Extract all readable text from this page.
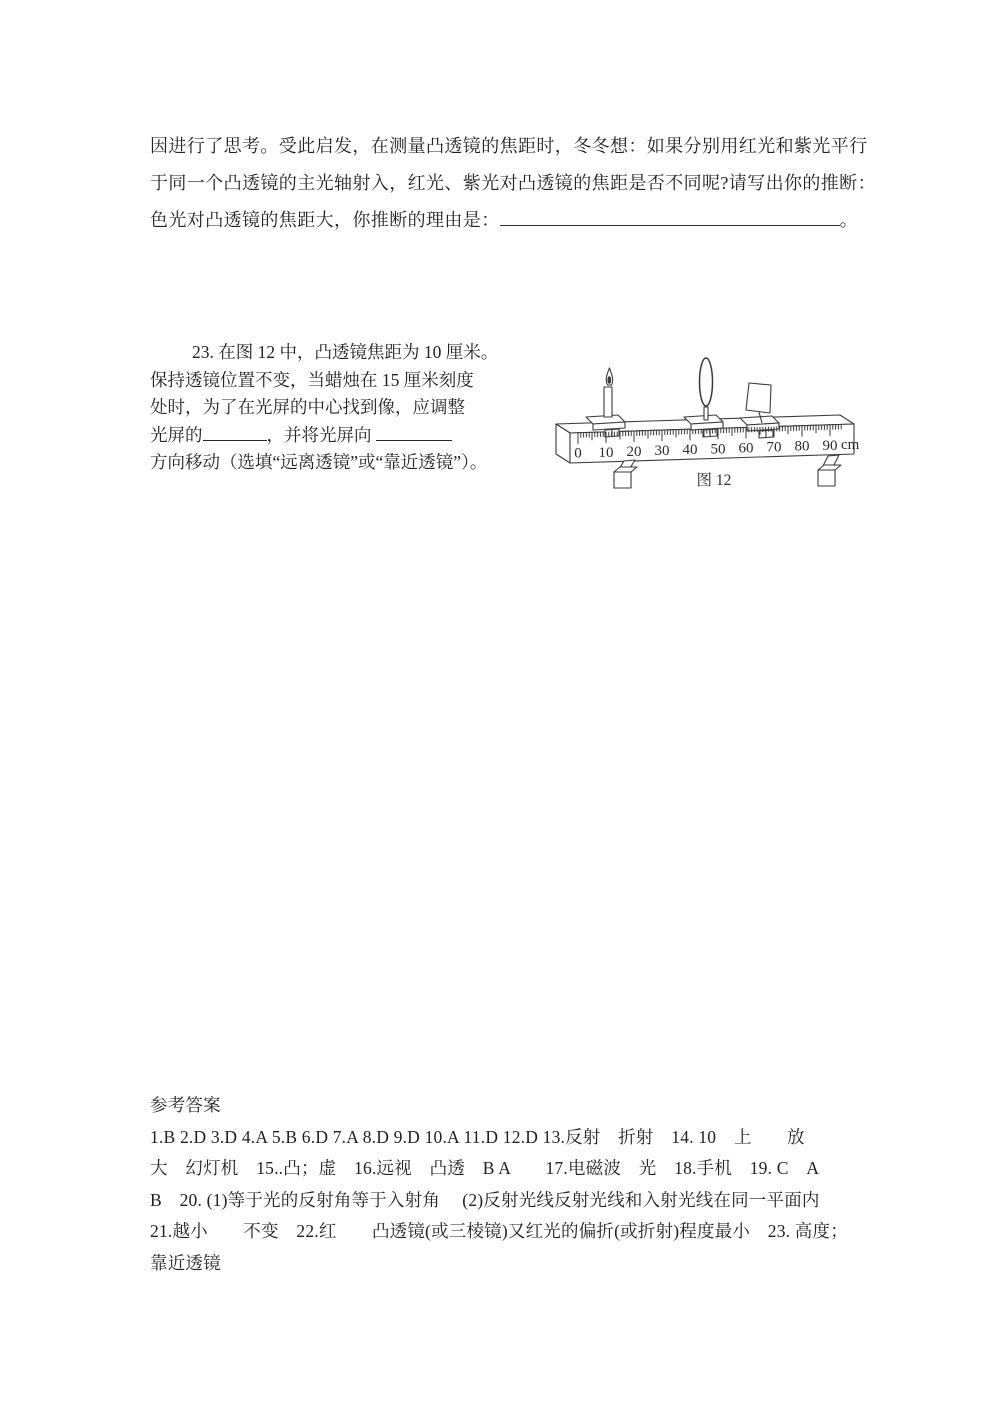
因进行了思考。受此启发，在测量凸透镜的焦距时，冬冬想：如果分别用红光和紫光平行
于同一个凸透镜的主光轴射入，红光、紫光对凸透镜的焦距是否不同呢?请写出你的推断：
色光对凸透镜的焦距大，你推断的理由是：	。
23. 在图 12 中，凸透镜焦距为 10 厘米。
保持透镜位置不变，当蜡烛在 15 厘米刻度
处时，为了在光屏的中心找到像，应调整
光屏的	，并将光屏向
方向移动（选填“远离透镜”或“靠近透镜”）。	0 10 20 30 40 50 60 70 80 90 cm
图 12
参考答案
1.B 2.D 3.D 4.A 5.B 6.D 7.A 8.D 9.D 10.A 11.D 12.D 13.反射　折射　14. 10　上　　放
大　幻灯机　15..凸；虚　16.远视　凸透　B A　　17.电磁波　光　18.手机　19. C　A
B　20. (1)等于光的反射角等于入射角　 (2)反射光线反射光线和入射光线在同一平面内
21.越小　　不变　22.红　　凸透镜(或三棱镜)又红光的偏折(或折射)程度最小　23. 高度；
靠近透镜
